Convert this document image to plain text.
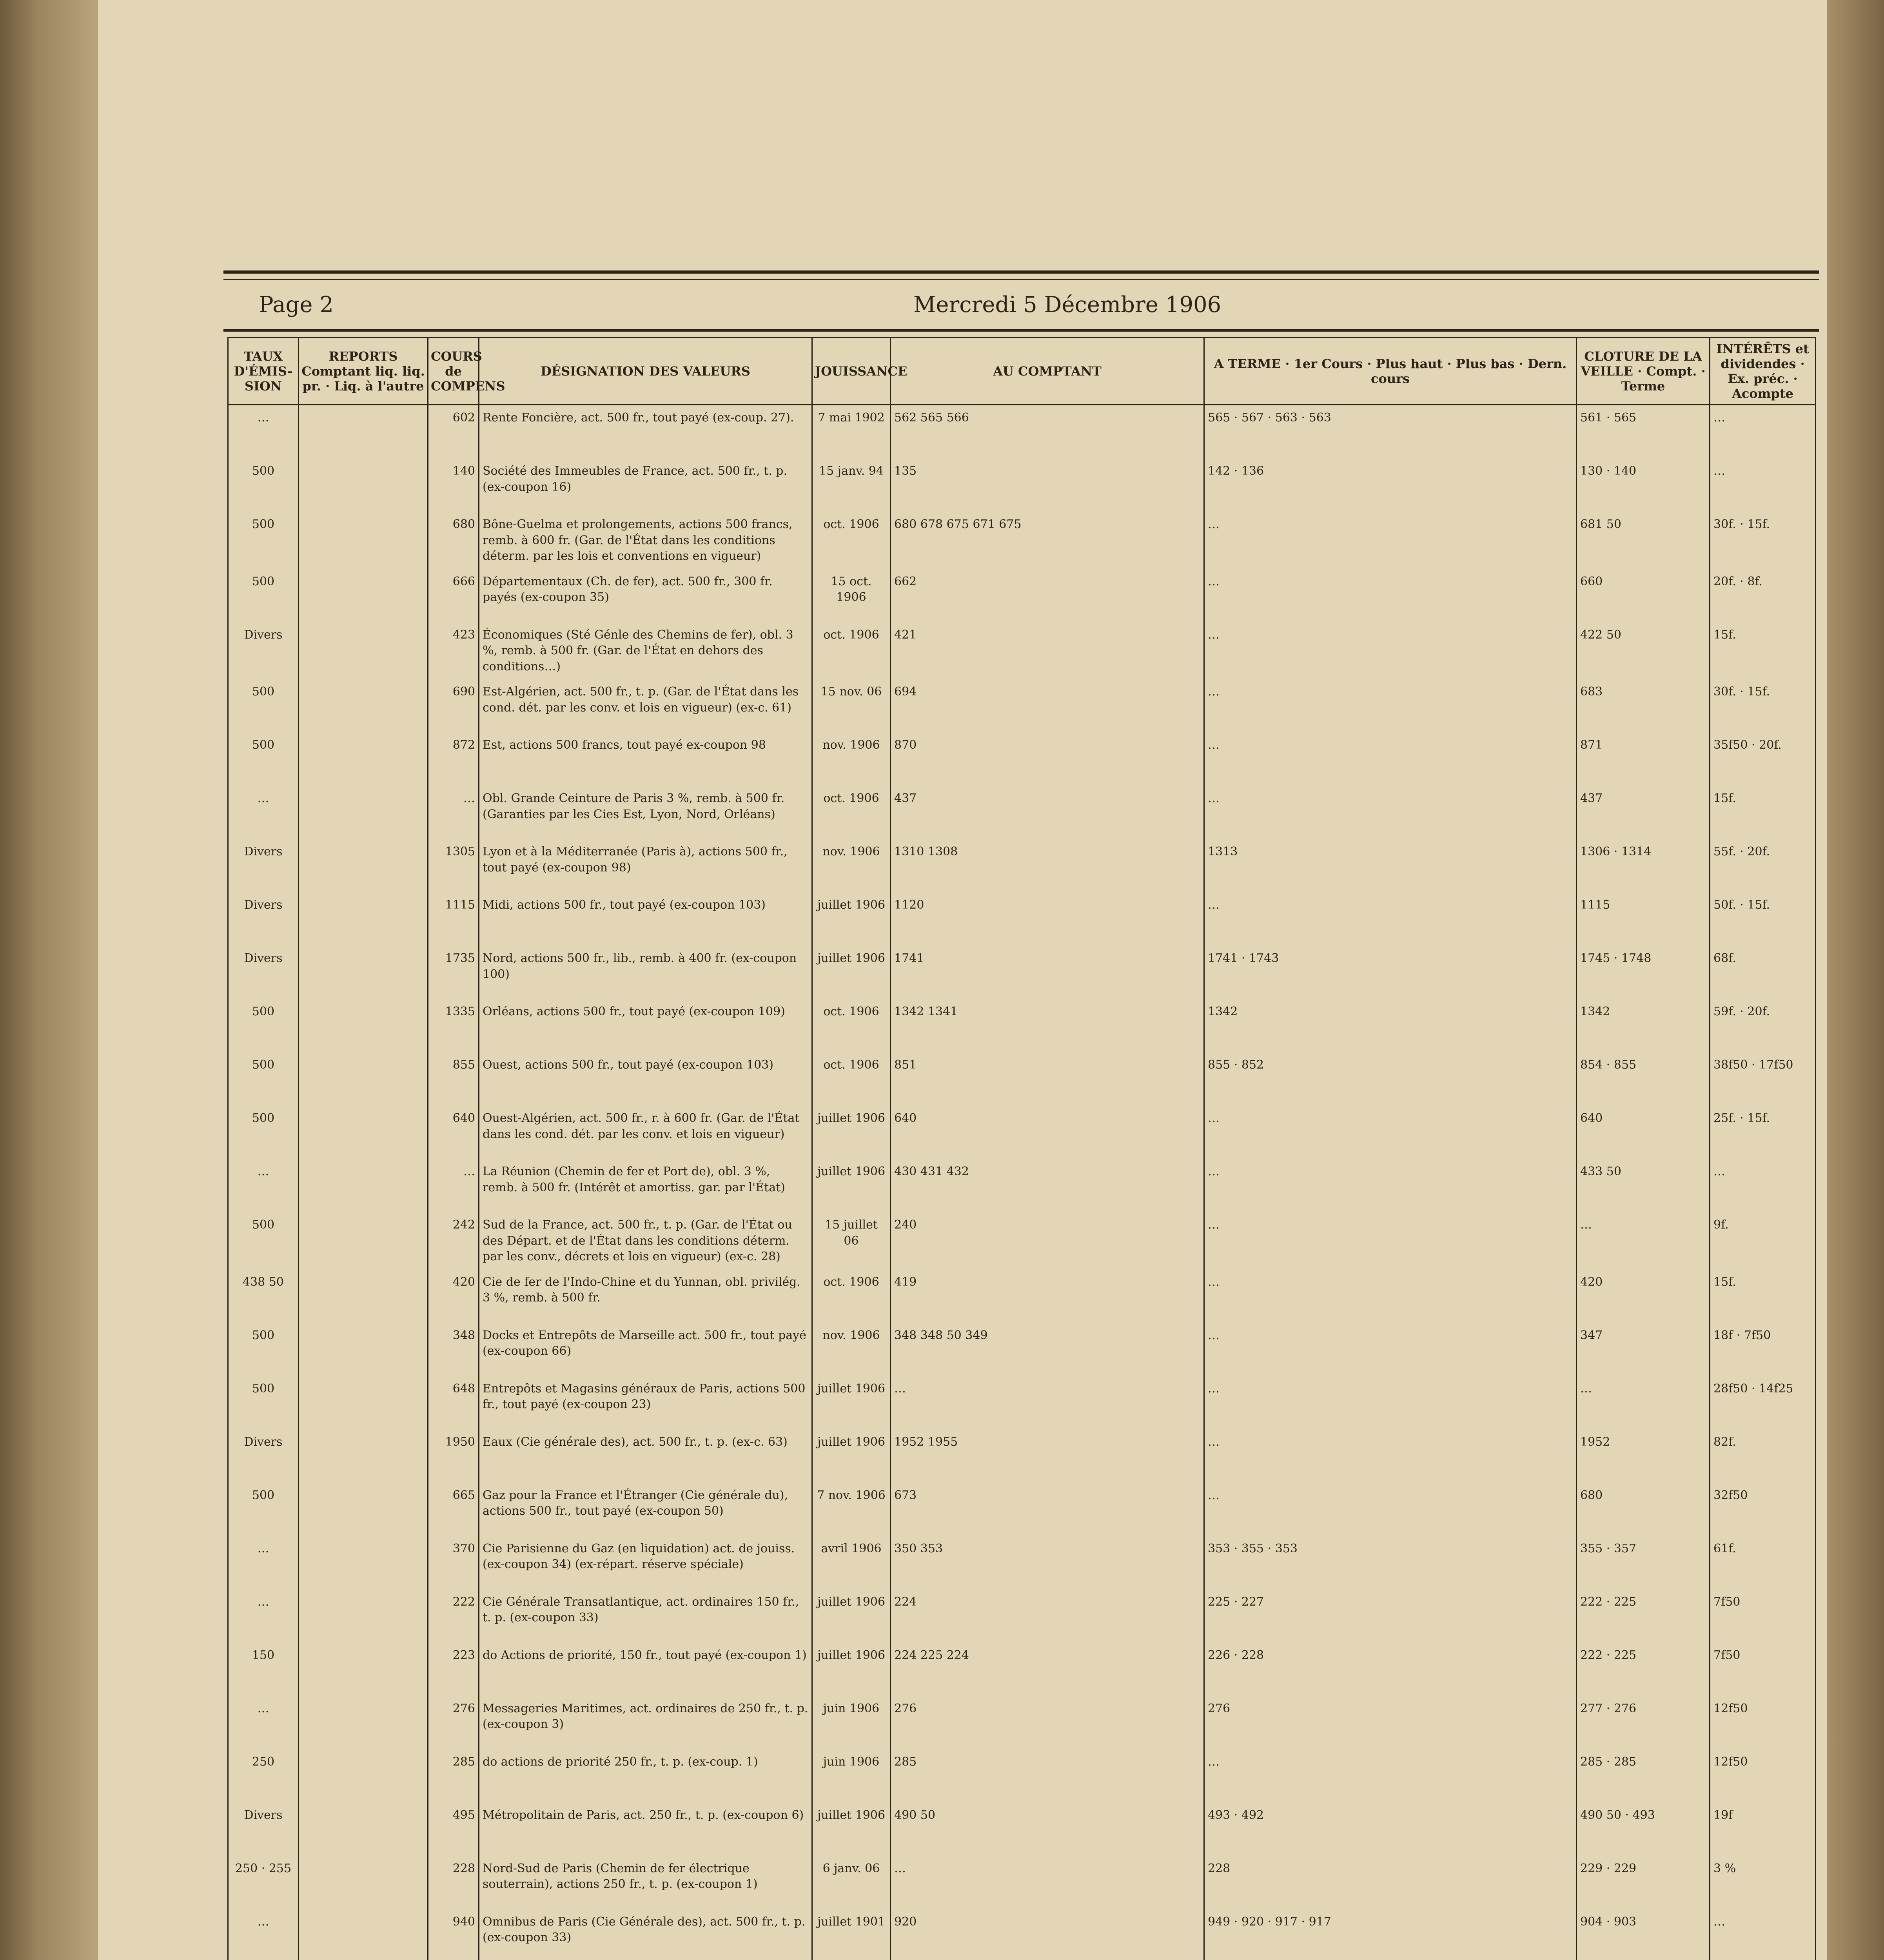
Page 2	Mercredi 5 Décembre 1906
TAUX D'ÉMIS-SION	REPORTS Comptant liq. liq. pr. · Liq. à l'autre	COURS de COMPENS	DÉSIGNATION DES VALEURS	JOUISSANCE	AU COMPTANT	A TERME · 1er Cours · Plus haut · Plus bas · Dern. cours	CLOTURE DE LA VEILLE · Compt. · Terme	INTÉRÊTS et dividendes · Ex. préc. · Acompte
…		602	Rente Foncière, act. 500 fr., tout payé (ex-coup. 27).	7 mai 1902	562 565 566	565 · 567 · 563 · 563	561 · 565	…
500		140	Société des Immeubles de France, act. 500 fr., t. p. (ex-coupon 16)	15 janv. 94	135	142 · 136	130 · 140	…
500		680	Bône-Guelma et prolongements, actions 500 francs, remb. à 600 fr. (Gar. de l'État dans les conditions déterm. par les lois et conventions en vigueur)	oct. 1906	680 678 675 671 675	…	681 50	30f. · 15f.
500		666	Départementaux (Ch. de fer), act. 500 fr., 300 fr. payés (ex-coupon 35)	15 oct. 1906	662	…	660	20f. · 8f.
Divers		423	Économiques (Sté Génle des Chemins de fer), obl. 3 %, remb. à 500 fr. (Gar. de l'État en dehors des conditions…)	oct. 1906	421	…	422 50	15f.
500		690	Est-Algérien, act. 500 fr., t. p. (Gar. de l'État dans les cond. dét. par les conv. et lois en vigueur) (ex-c. 61)	15 nov. 06	694	…	683	30f. · 15f.
500		872	Est, actions 500 francs, tout payé ex-coupon 98	nov. 1906	870	…	871	35f50 · 20f.
…		…	Obl. Grande Ceinture de Paris 3 %, remb. à 500 fr. (Garanties par les Cies Est, Lyon, Nord, Orléans)	oct. 1906	437	…	437	15f.
Divers		1305	Lyon et à la Méditerranée (Paris à), actions 500 fr., tout payé (ex-coupon 98)	nov. 1906	1310 1308	1313	1306 · 1314	55f. · 20f.
Divers		1115	Midi, actions 500 fr., tout payé (ex-coupon 103)	juillet 1906	1120	…	1115	50f. · 15f.
Divers		1735	Nord, actions 500 fr., lib., remb. à 400 fr. (ex-coupon 100)	juillet 1906	1741	1741 · 1743	1745 · 1748	68f.
500		1335	Orléans, actions 500 fr., tout payé (ex-coupon 109)	oct. 1906	1342 1341	1342	1342	59f. · 20f.
500		855	Ouest, actions 500 fr., tout payé (ex-coupon 103)	oct. 1906	851	855 · 852	854 · 855	38f50 · 17f50
500		640	Ouest-Algérien, act. 500 fr., r. à 600 fr. (Gar. de l'État dans les cond. dét. par les conv. et lois en vigueur)	juillet 1906	640	…	640	25f. · 15f.
…		…	La Réunion (Chemin de fer et Port de), obl. 3 %, remb. à 500 fr. (Intérêt et amortiss. gar. par l'État)	juillet 1906	430 431 432	…	433 50	…
500		242	Sud de la France, act. 500 fr., t. p. (Gar. de l'État ou des Départ. et de l'État dans les conditions déterm. par les conv., décrets et lois en vigueur) (ex-c. 28)	15 juillet 06	240	…	…	9f.
438 50		420	Cie de fer de l'Indo-Chine et du Yunnan, obl. privilég. 3 %, remb. à 500 fr.	oct. 1906	419	…	420	15f.
500		348	Docks et Entrepôts de Marseille act. 500 fr., tout payé (ex-coupon 66)	nov. 1906	348 348 50 349	…	347	18f · 7f50
500		648	Entrepôts et Magasins généraux de Paris, actions 500 fr., tout payé (ex-coupon 23)	juillet 1906	…	…	…	28f50 · 14f25
Divers		1950	Eaux (Cie générale des), act. 500 fr., t. p. (ex-c. 63)	juillet 1906	1952 1955	…	1952	82f.
500		665	Gaz pour la France et l'Étranger (Cie générale du), actions 500 fr., tout payé (ex-coupon 50)	7 nov. 1906	673	…	680	32f50
…		370	Cie Parisienne du Gaz (en liquidation) act. de jouiss. (ex-coupon 34) (ex-répart. réserve spéciale)	avril 1906	350 353	353 · 355 · 353	355 · 357	61f.
…		222	Cie Générale Transatlantique, act. ordinaires 150 fr., t. p. (ex-coupon 33)	juillet 1906	224	225 · 227	222 · 225	7f50
150		223	do Actions de priorité, 150 fr., tout payé (ex-coupon 1)	juillet 1906	224 225 224	226 · 228	222 · 225	7f50
…		276	Messageries Maritimes, act. ordinaires de 250 fr., t. p. (ex-coupon 3)	juin 1906	276	276	277 · 276	12f50
250		285	do actions de priorité 250 fr., t. p. (ex-coup. 1)	juin 1906	285	…	285 · 285	12f50
Divers		495	Métropolitain de Paris, act. 250 fr., t. p. (ex-coupon 6)	juillet 1906	490 50	493 · 492	490 50 · 493	19f
250 · 255		228	Nord-Sud de Paris (Chemin de fer électrique souterrain), actions 250 fr., t. p. (ex-coupon 1)	6 janv. 06	…	228	229 · 229	3 %
…		940	Omnibus de Paris (Cie Générale des), act. 500 fr., t. p. (ex-coupon 33)	juillet 1901	920	949 · 920 · 917 · 917	904 · 903	…
